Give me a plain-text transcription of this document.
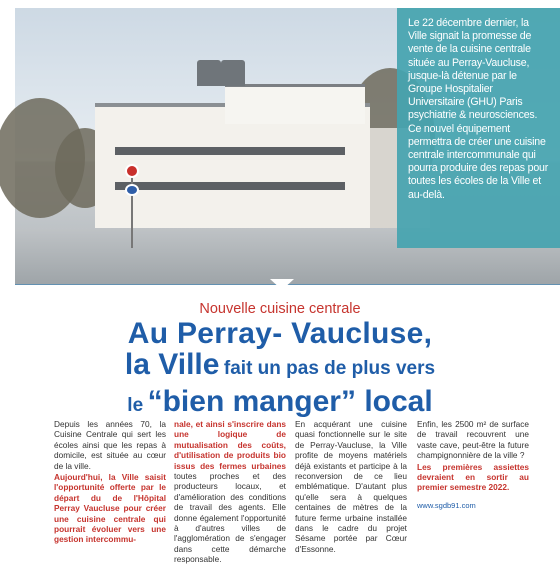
Le 22 décembre dernier, la Ville signait la promesse de vente de la cuisine centrale située au Perray-Vaucluse, jusque-là détenue par le Groupe Hospitalier Universitaire (GHU) Paris psychiatrie & neurosciences. Ce nouvel équipement permettra de créer une cuisine centrale intercommunale qui pourra produire des repas pour toutes les écoles de la Ville et au-delà.

Nouvelle cuisine centrale
Au Perray- Vaucluse,
la Ville fait un pas de plus vers
le “bien manger” local

Depuis les années 70, la Cuisine Centrale qui sert les écoles ainsi que les repas à domicile, est située au cœur de la ville.

Aujourd'hui, la Ville saisit l'opportunité offerte par le départ du de l'Hôpital Perray Vaucluse pour créer une cuisine centrale qui pourrait évoluer vers une gestion intercommu-

nale, et ainsi s'inscrire dans une logique de mutualisation des coûts, d'utilisation de produits bio issus des fermes urbaines toutes proches et des producteurs locaux, et d'amélioration des conditions de travail des agents. Elle donne également l'opportunité à d'autres villes de l'agglomération de s'engager dans cette démarche responsable.

En acquérant une cuisine quasi fonctionnelle sur le site de Perray-Vaucluse, la Ville profite de moyens matériels déjà existants et participe à la reconversion de ce lieu emblématique. D'autant plus qu'elle sera à quelques centaines de mètres de la future ferme urbaine installée dans le cadre du projet Sésame portée par Cœur d'Essonne.

Enfin, les 2500 m² de surface de travail recouvrent une vaste cave, peut-être la future champignonnière de la ville ?

Les premières assiettes devraient en sortir au premier semestre 2022.

www.sgdb91.com
